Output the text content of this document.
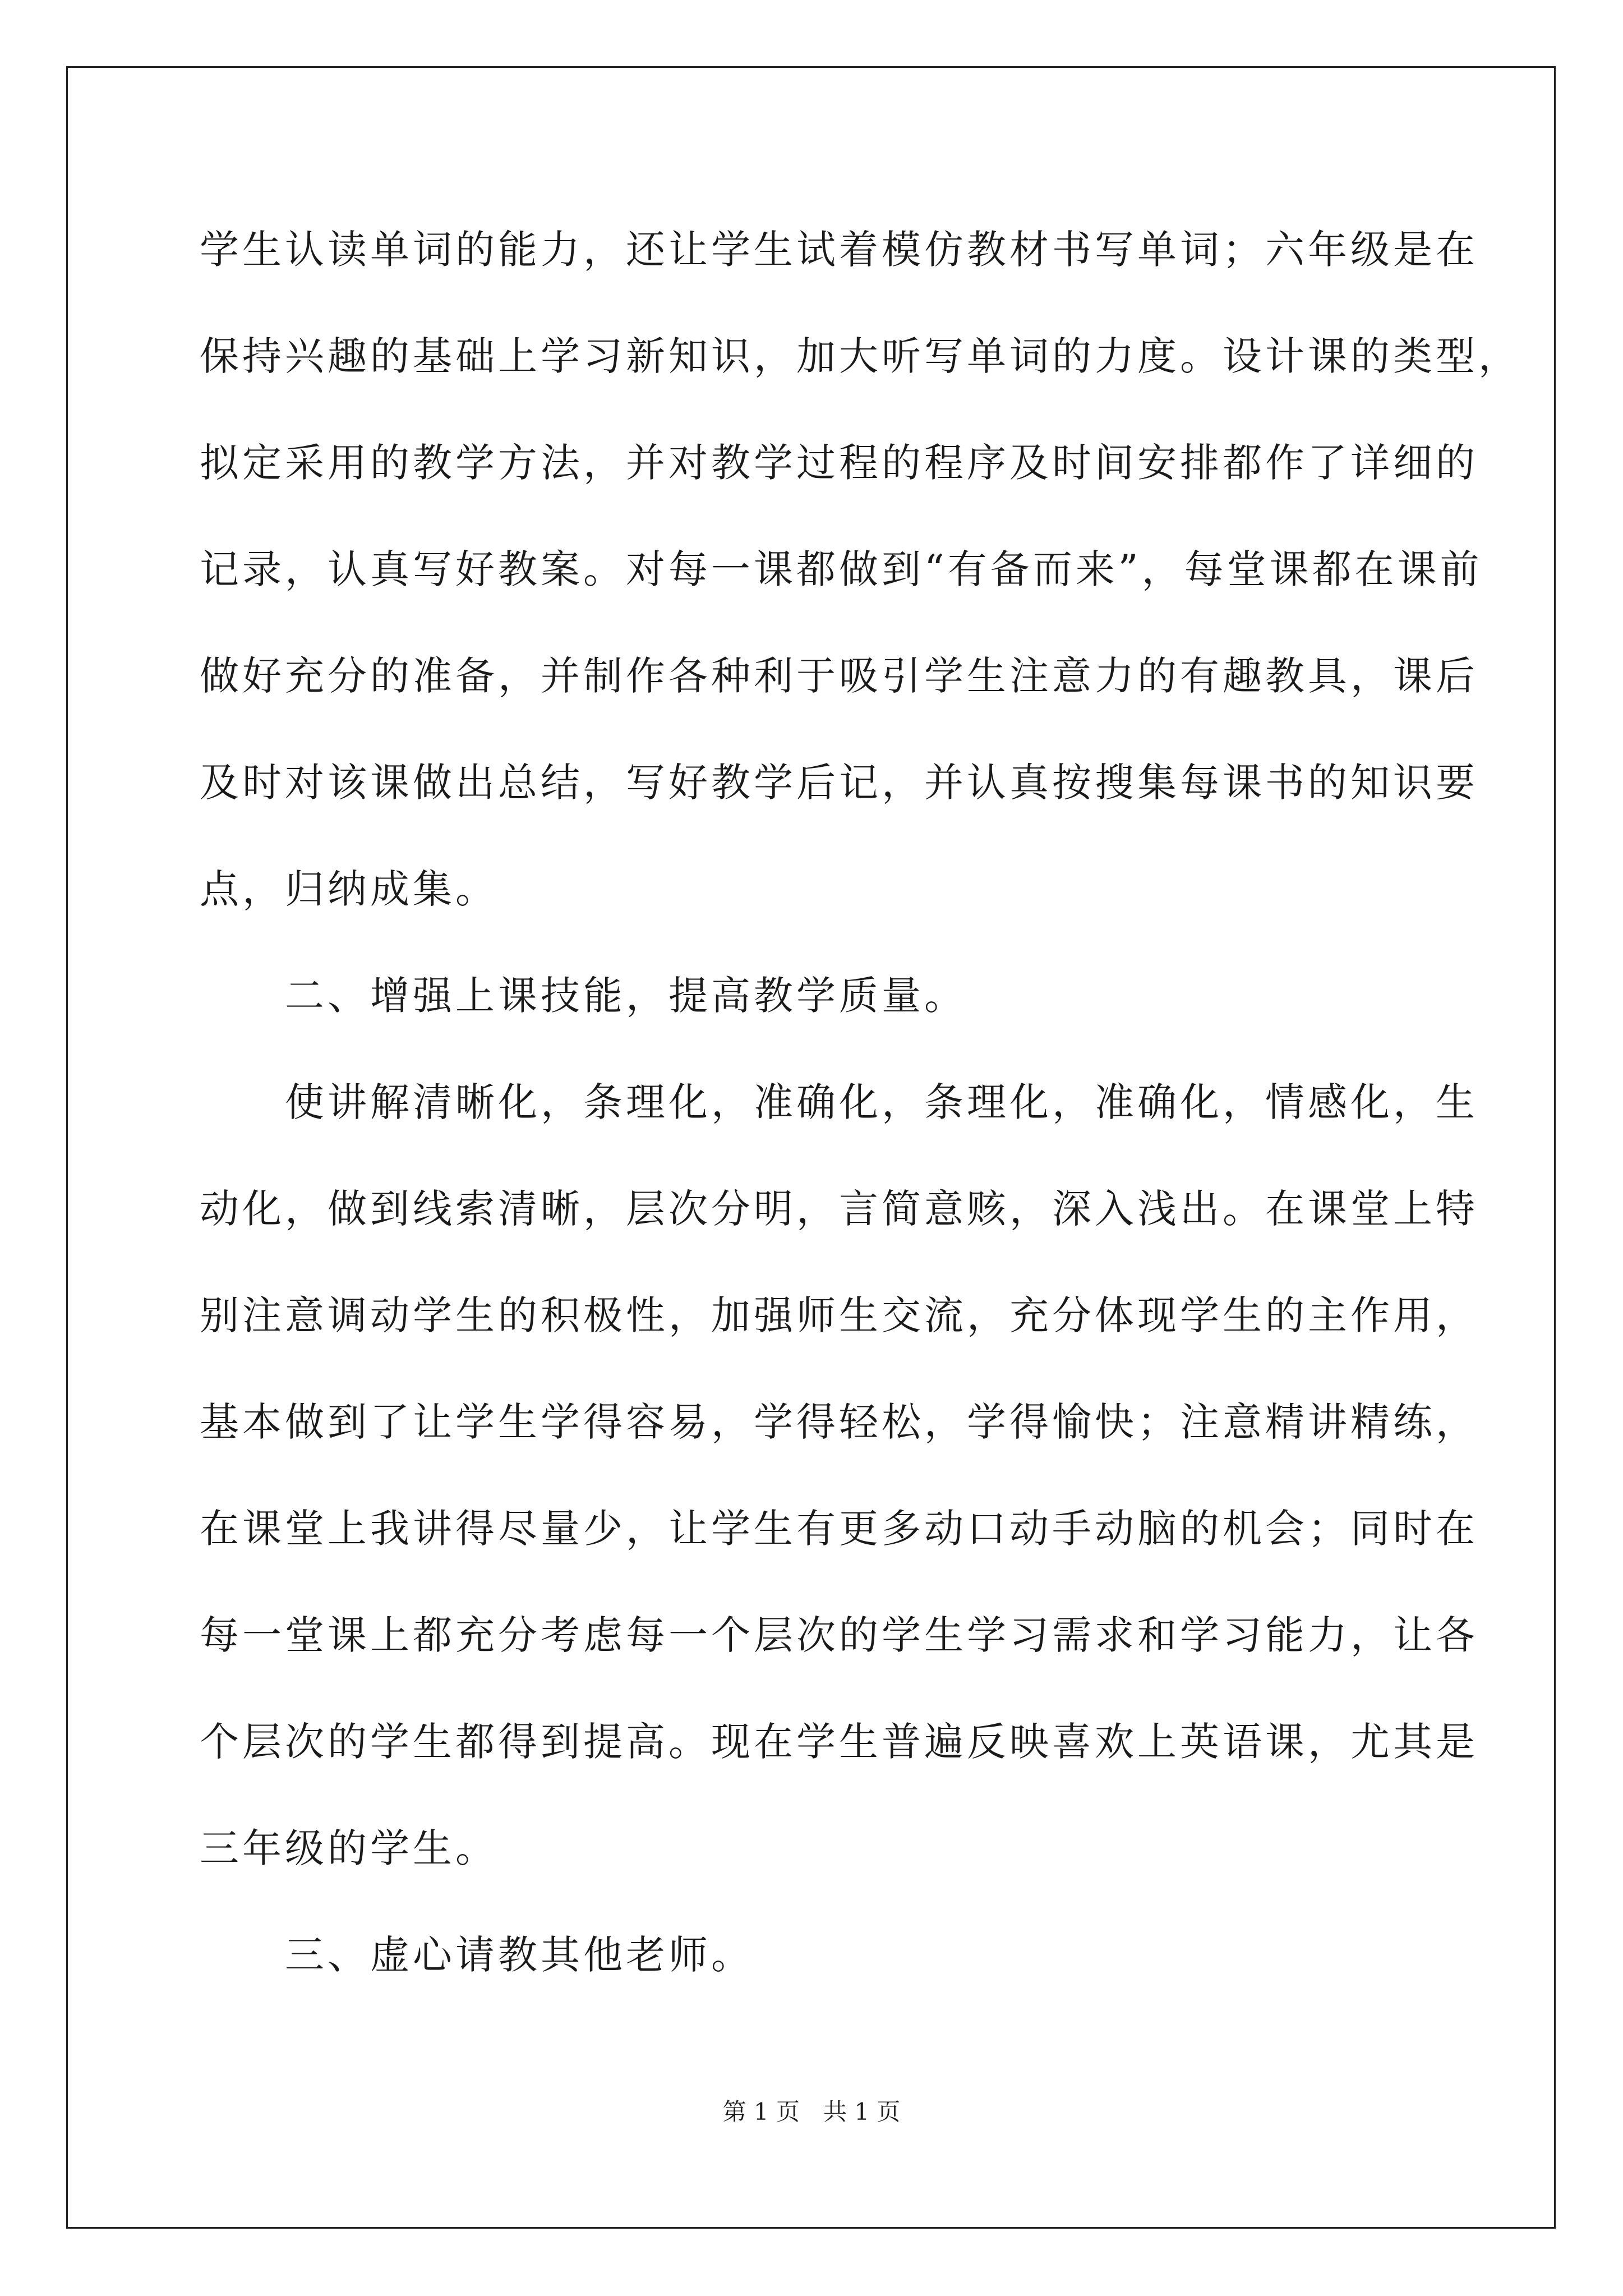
学生认读单词的能力，还让学生试着模仿教材书写单词；六年级是在

保持兴趣的基础上学习新知识，加大听写单词的力度。设计课的类型，

拟定采用的教学方法，并对教学过程的程序及时间安排都作了详细的

记录，认真写好教案。对每一课都做到“有备而来”，每堂课都在课前

做好充分的准备，并制作各种利于吸引学生注意力的有趣教具，课后

及时对该课做出总结，写好教学后记，并认真按搜集每课书的知识要

点，归纳成集。

　　二、增强上课技能，提高教学质量。

　　使讲解清晰化，条理化，准确化，条理化，准确化，情感化，生

动化，做到线索清晰，层次分明，言简意赅，深入浅出。在课堂上特

别注意调动学生的积极性，加强师生交流，充分体现学生的主作用，

基本做到了让学生学得容易，学得轻松，学得愉快；注意精讲精练，

在课堂上我讲得尽量少，让学生有更多动口动手动脑的机会；同时在

每一堂课上都充分考虑每一个层次的学生学习需求和学习能力，让各

个层次的学生都得到提高。现在学生普遍反映喜欢上英语课，尤其是

三年级的学生。

　　三、虚心请教其他老师。

第 1 页　共 1 页
